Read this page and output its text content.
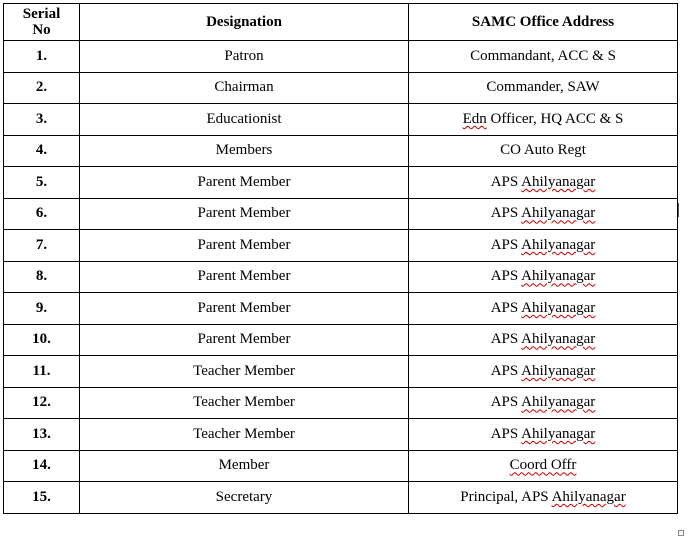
Serial
No	Designation	SAMC Office Address
1.	Patron	Commandant, ACC & S
2.	Chairman	Commander, SAW
3.	Educationist	Edn Officer, HQ ACC & S
4.	Members	CO Auto Regt
5.	Parent Member	APS Ahilyanagar
6.	Parent Member	APS Ahilyanagar
7.	Parent Member	APS Ahilyanagar
8.	Parent Member	APS Ahilyanagar
9.	Parent Member	APS Ahilyanagar
10.	Parent Member	APS Ahilyanagar
11.	Teacher Member	APS Ahilyanagar
12.	Teacher Member	APS Ahilyanagar
13.	Teacher Member	APS Ahilyanagar
14.	Member	Coord Offr
15.	Secretary	Principal, APS Ahilyanagar
